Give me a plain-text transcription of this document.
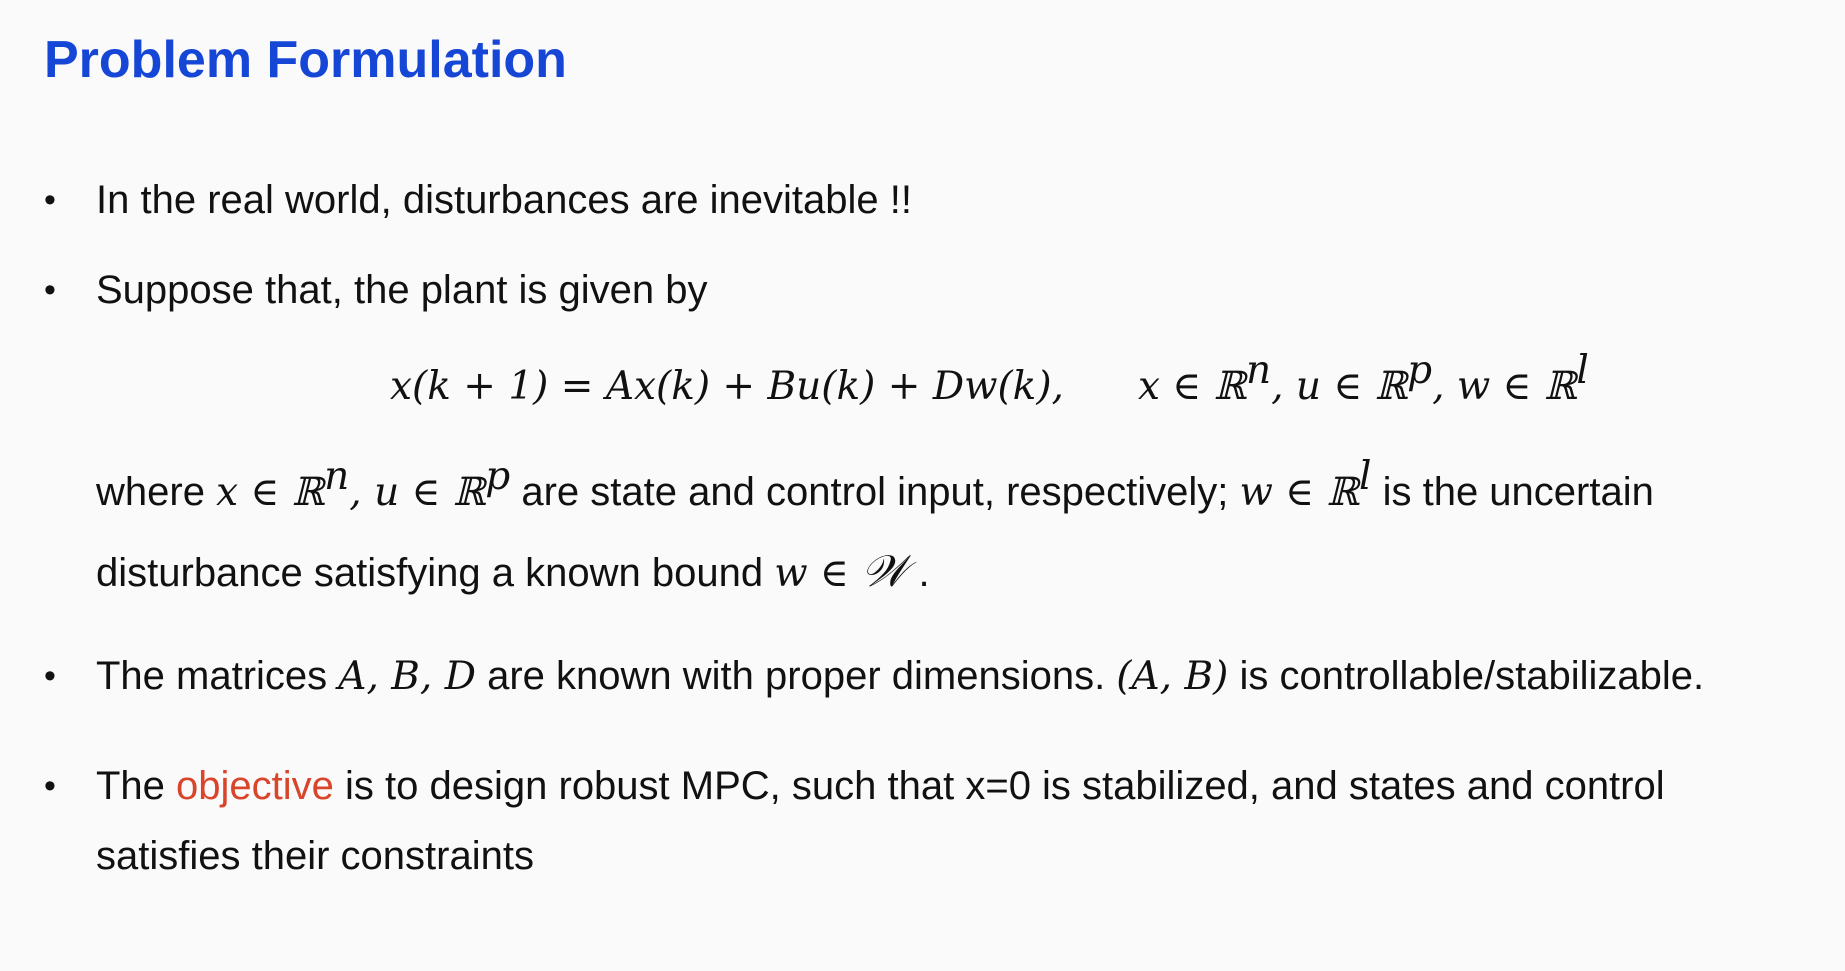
Problem Formulation
• In the real world, disturbances are inevitable !!
• Suppose that, the plant is given by
x(k + 1) = Ax(k) + Bu(k) + Dw(k), x ∈ ℝ$^n$, u ∈ ℝ$^p$, w ∈ ℝ$^l$
where x ∈ ℝ$^n$, u ∈ ℝ$^p$ are state and control input, respectively; w ∈ ℝ$^l$ is the uncertain
disturbance satisfying a known bound w ∈ 𝒲 .
• The matrices A, B, D are known with proper dimensions. (A, B) is controllable/stabilizable.
• The objective is to design robust MPC, such that x=0 is stabilized, and states and control
satisfies their constraints
